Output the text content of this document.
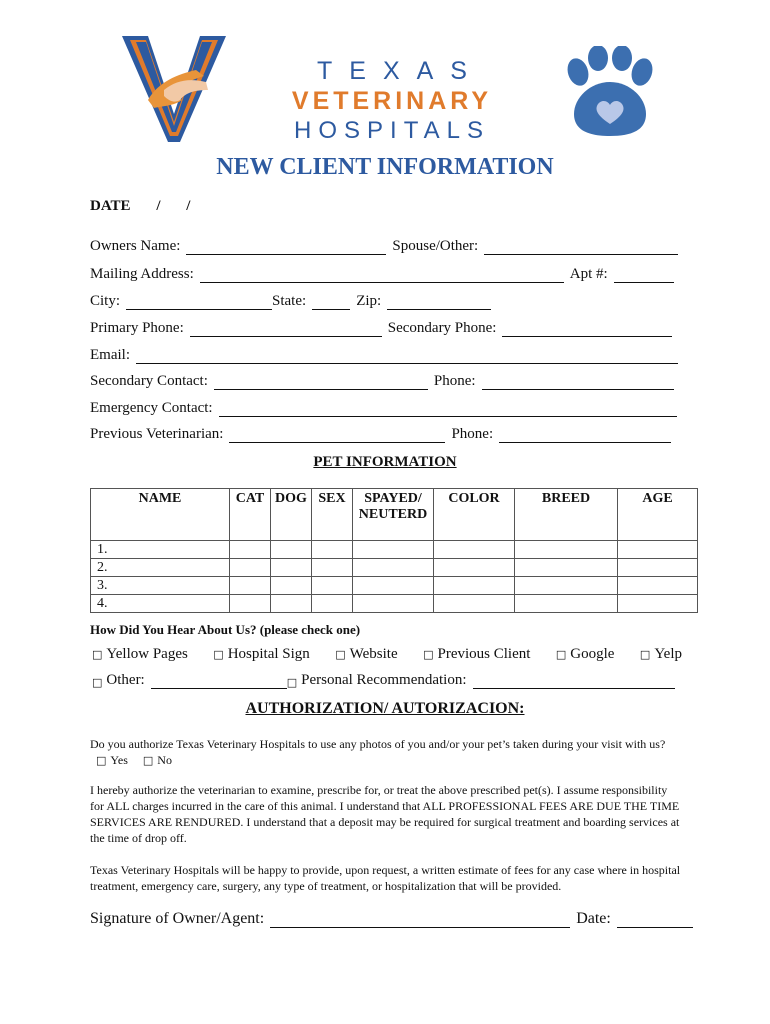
TEXAS
VETERINARY
HOSPITALS
NEW CLIENT INFORMATION
DATE / /
Owners Name:	Spouse/Other:
Mailing Address:	Apt #:
City:	State:	Zip:
Primary Phone:	Secondary Phone:
Email:
Secondary Contact:	Phone:
Emergency Contact:
Previous Veterinarian:	Phone:
PET INFORMATION
NAME	CAT	DOG	SEX	SPAYED/ NEUTERD	COLOR	BREED	AGE
1.							
2.							
3.							
4.							
How Did You Hear About Us? (please check one)
□ Yellow Pages □ Hospital Sign □ Website □ Previous Client □ Google □ Yelp
□ Other:	□ Personal Recommendation:
AUTHORIZATION/ AUTORIZACION:
Do you authorize Texas Veterinary Hospitals to use any photos of you and/or your pet’s taken during your visit with us?   □ Yes □ No
I hereby authorize the veterinarian to examine, prescribe for, or treat the above prescribed pet(s). I assume responsibility for ALL charges incurred in the care of this animal. I understand that ALL PROFESSIONAL FEES ARE DUE THE TIME SERVICES ARE RENDURED. I understand that a deposit may be required for surgical treatment and boarding services at the time of drop off.
Texas Veterinary Hospitals will be happy to provide, upon request, a written estimate of fees for any case where in hospital treatment, emergency care, surgery, any type of treatment, or hospitalization that will be provided.
Signature of Owner/Agent:	Date:
